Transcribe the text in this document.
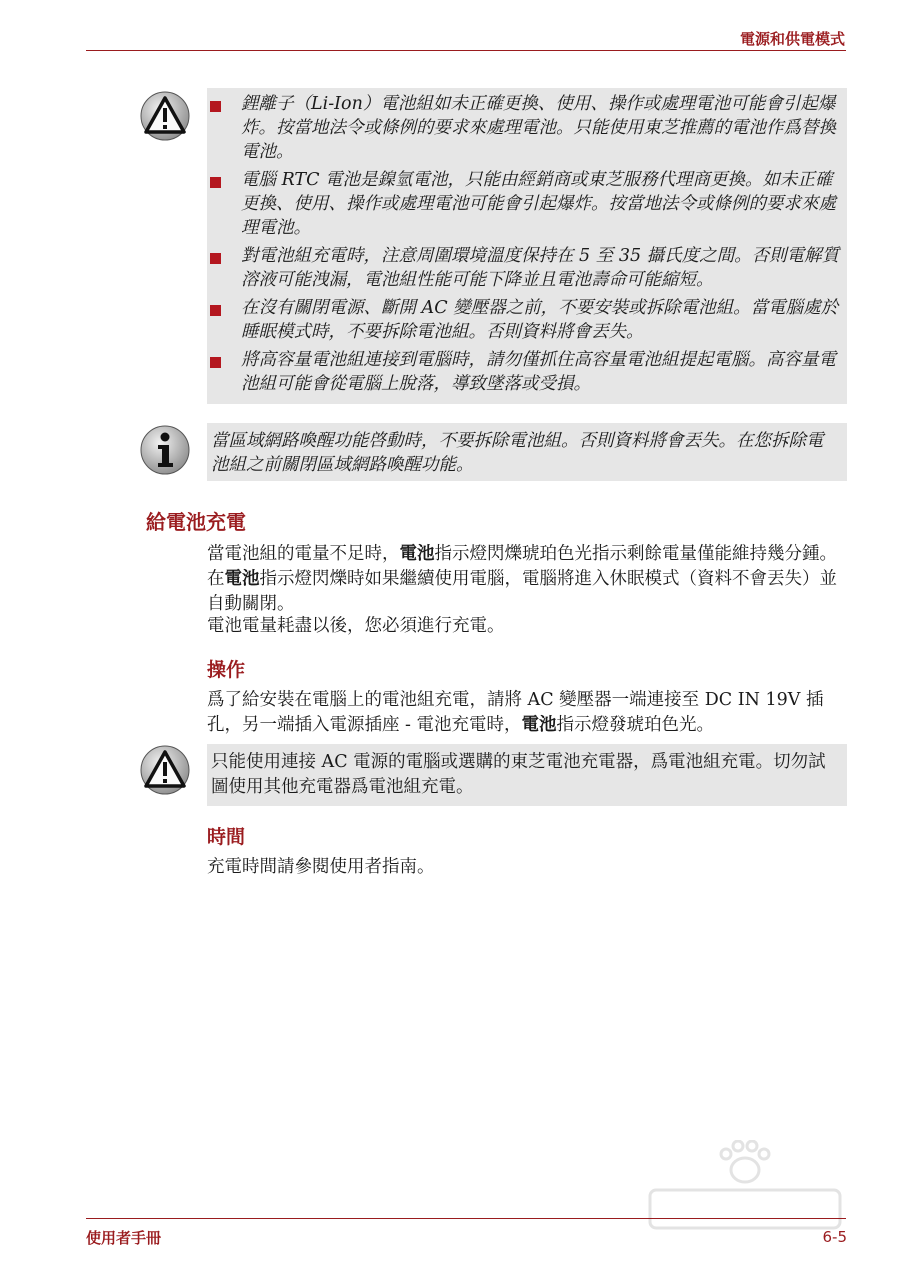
電源和供電模式
鋰離子（Li-Ion）電池組如未正確更換、使用、操作或處理電池可能會引起爆炸。按當地法令或條例的要求來處理電池。只能使用東芝推薦的電池作爲替換電池。
電腦 RTC 電池是鎳氫電池，只能由經銷商或東芝服務代理商更換。如未正確更換、使用、操作或處理電池可能會引起爆炸。按當地法令或條例的要求來處理電池。
對電池組充電時，注意周圍環境溫度保持在 5 至 35 攝氏度之間。否則電解質溶液可能洩漏，電池組性能可能下降並且電池壽命可能縮短。
在沒有關閉電源、斷開 AC 變壓器之前，不要安裝或拆除電池組。當電腦處於睡眠模式時，不要拆除電池組。否則資料將會丟失。
將高容量電池組連接到電腦時，請勿僅抓住高容量電池組提起電腦。高容量電池組可能會從電腦上脫落，導致墜落或受損。
當區域網路喚醒功能啓動時，不要拆除電池組。否則資料將會丟失。在您拆除電池組之前關閉區域網路喚醒功能。
給電池充電
當電池組的電量不足時，電池指示燈閃爍琥珀色光指示剩餘電量僅能維持幾分鍾。在電池指示燈閃爍時如果繼續使用電腦，電腦將進入休眠模式（資料不會丟失）並自動關閉。
電池電量耗盡以後，您必須進行充電。
操作
爲了給安裝在電腦上的電池組充電，請將 AC 變壓器一端連接至 DC IN 19V 插孔，另一端插入電源插座 - 電池充電時，電池指示燈發琥珀色光。
只能使用連接 AC 電源的電腦或選購的東芝電池充電器，爲電池組充電。切勿試圖使用其他充電器爲電池組充電。
時間
充電時間請參閱使用者指南。
使用者手冊	6-5
